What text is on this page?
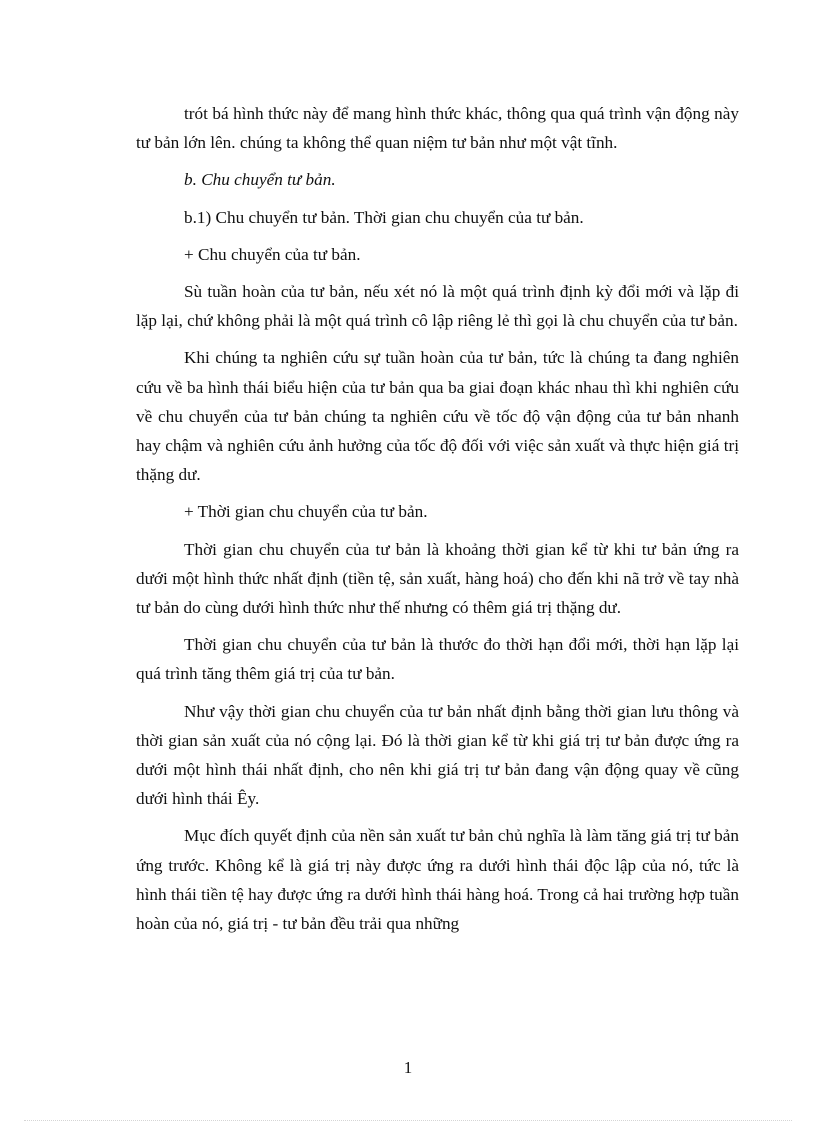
trót bá hình thức này để mang hình thức khác, thông qua quá trình vận động này tư bản lớn lên. chúng ta không thể quan niệm tư bản như một vật tĩnh.

b. Chu chuyển tư bản.

b.1) Chu chuyển tư bản. Thời gian chu chuyển của tư bản.

+ Chu chuyển của tư bản.

Sù tuần hoàn của tư bản, nếu xét nó là một quá trình định kỳ đổi mới và lặp đi lặp lại, chứ không phải là một quá trình cô lập riêng lẻ thì gọi là chu chuyển của tư bản.

Khi chúng ta nghiên cứu sự tuần hoàn của tư bản, tức là chúng ta đang nghiên cứu về ba hình thái biểu hiện của tư bản qua ba giai đoạn khác nhau thì khi nghiên cứu về chu chuyển của tư bản chúng ta nghiên cứu về tốc độ vận động của tư bản nhanh hay chậm và nghiên cứu ảnh hưởng của tốc độ đối với việc sản xuất và thực hiện giá trị thặng dư.

+ Thời gian chu chuyển của tư bản.

Thời gian chu chuyển của tư bản là khoảng thời gian kể từ khi tư bản ứng ra dưới một hình thức nhất định (tiền tệ, sản xuất, hàng hoá) cho đến khi nã trở về tay nhà tư bản do cùng dưới hình thức như thế nhưng có thêm giá trị thặng dư.

Thời gian chu chuyển của tư bản là thước đo thời hạn đổi mới, thời hạn lặp lại quá trình tăng thêm giá trị của tư bản.

Như vậy thời gian chu chuyển của tư bản nhất định bằng thời gian lưu thông và thời gian sản xuất của nó cộng lại. Đó là thời gian kể từ khi giá trị tư bản được ứng ra dưới một hình thái nhất định, cho nên khi giá trị tư bản đang vận động quay về cũng dưới hình thái Êy.

Mục đích quyết định của nền sản xuất tư bản chủ nghĩa là làm tăng giá trị tư bản ứng trước. Không kể là giá trị này được ứng ra dưới hình thái độc lập của nó, tức là hình thái tiền tệ hay được ứng ra dưới hình thái hàng hoá. Trong cả hai trường hợp tuần hoàn của nó, giá trị - tư bản đều trải qua những

1
